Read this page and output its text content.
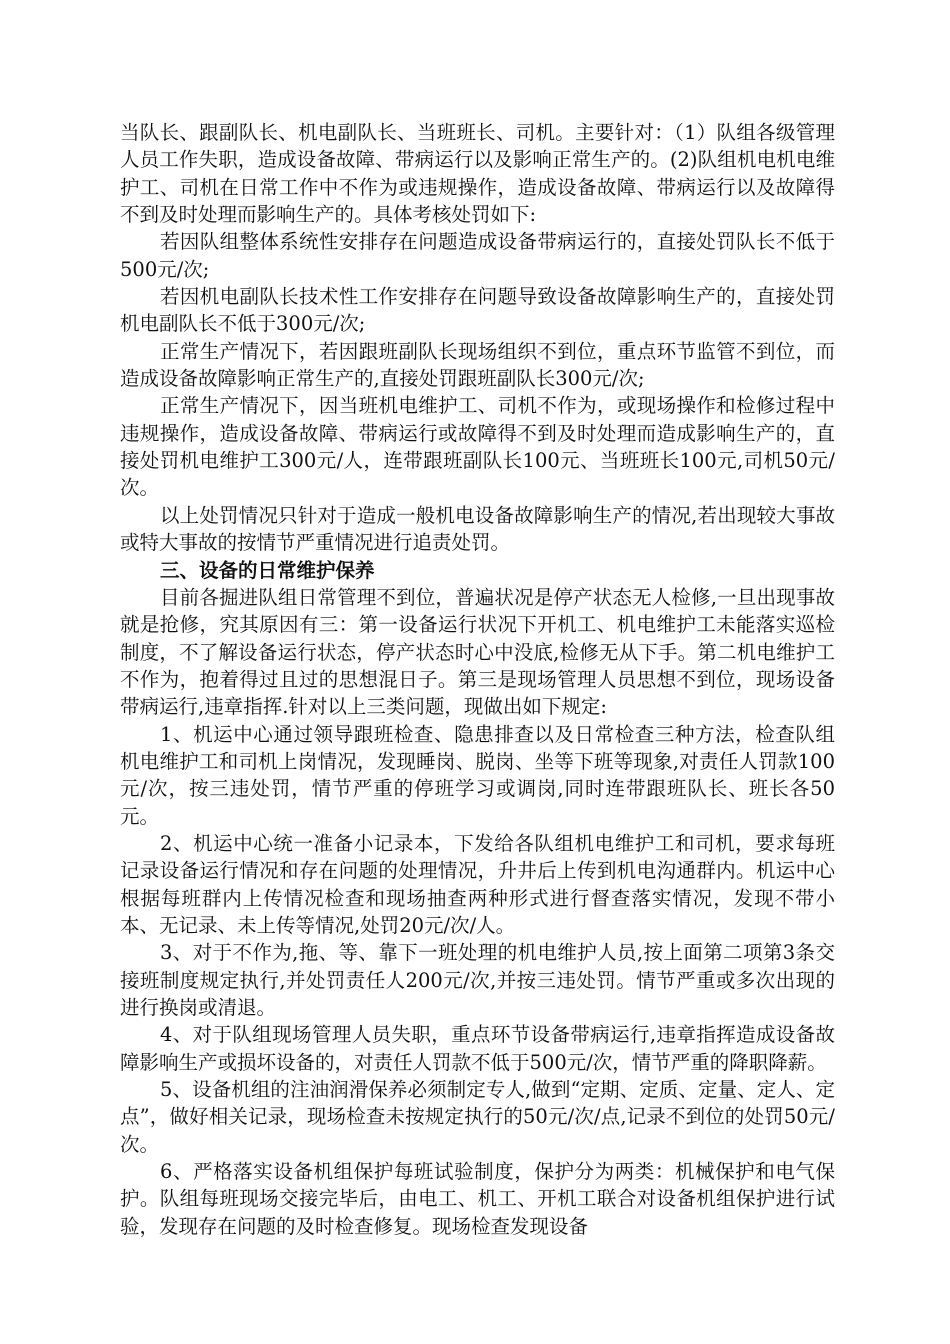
当队长、跟副队长、机电副队长、当班班长、司机。主要针对：（1）队组各级管理人员工作失职，造成设备故障、带病运行以及影响正常生产的。(2)队组机电机电维护工、司机在日常工作中不作为或违规操作，造成设备故障、带病运行以及故障得不到及时处理而影响生产的。具体考核处罚如下:

若因队组整体系统性安排存在问题造成设备带病运行的，直接处罚队长不低于500元/次;

若因机电副队长技术性工作安排存在问题导致设备故障影响生产的，直接处罚机电副队长不低于300元/次;

正常生产情况下，若因跟班副队长现场组织不到位，重点环节监管不到位，而造成设备故障影响正常生产的,直接处罚跟班副队长300元/次;

正常生产情况下，因当班机电维护工、司机不作为，或现场操作和检修过程中违规操作，造成设备故障、带病运行或故障得不到及时处理而造成影响生产的，直接处罚机电维护工300元/人，连带跟班副队长100元、当班班长100元,司机50元/次。

以上处罚情况只针对于造成一般机电设备故障影响生产的情况,若出现较大事故或特大事故的按情节严重情况进行追责处罚。

三、设备的日常维护保养

目前各掘进队组日常管理不到位，普遍状况是停产状态无人检修,一旦出现事故就是抢修，究其原因有三：第一设备运行状况下开机工、机电维护工未能落实巡检制度，不了解设备运行状态，停产状态时心中没底,检修无从下手。第二机电维护工不作为，抱着得过且过的思想混日子。第三是现场管理人员思想不到位，现场设备带病运行,违章指挥.针对以上三类问题，现做出如下规定:

1、机运中心通过领导跟班检查、隐患排查以及日常检查三种方法，检查队组机电维护工和司机上岗情况，发现睡岗、脱岗、坐等下班等现象,对责任人罚款100元/次，按三违处罚，情节严重的停班学习或调岗,同时连带跟班队长、班长各50元。

2、机运中心统一准备小记录本，下发给各队组机电维护工和司机，要求每班记录设备运行情况和存在问题的处理情况，升井后上传到机电沟通群内。机运中心根据每班群内上传情况检查和现场抽查两种形式进行督查落实情况，发现不带小本、无记录、未上传等情况,处罚20元/次/人。

3、对于不作为,拖、等、靠下一班处理的机电维护人员,按上面第二项第3条交接班制度规定执行,并处罚责任人200元/次,并按三违处罚。情节严重或多次出现的进行换岗或清退。

4、对于队组现场管理人员失职，重点环节设备带病运行,违章指挥造成设备故障影响生产或损坏设备的，对责任人罚款不低于500元/次，情节严重的降职降薪。

5、设备机组的注油润滑保养必须制定专人,做到“定期、定质、定量、定人、定点”，做好相关记录，现场检查未按规定执行的50元/次/点,记录不到位的处罚50元/次。

6、严格落实设备机组保护每班试验制度，保护分为两类：机械保护和电气保护。队组每班现场交接完毕后，由电工、机工、开机工联合对设备机组保护进行试验，发现存在问题的及时检查修复。现场检查发现设备
